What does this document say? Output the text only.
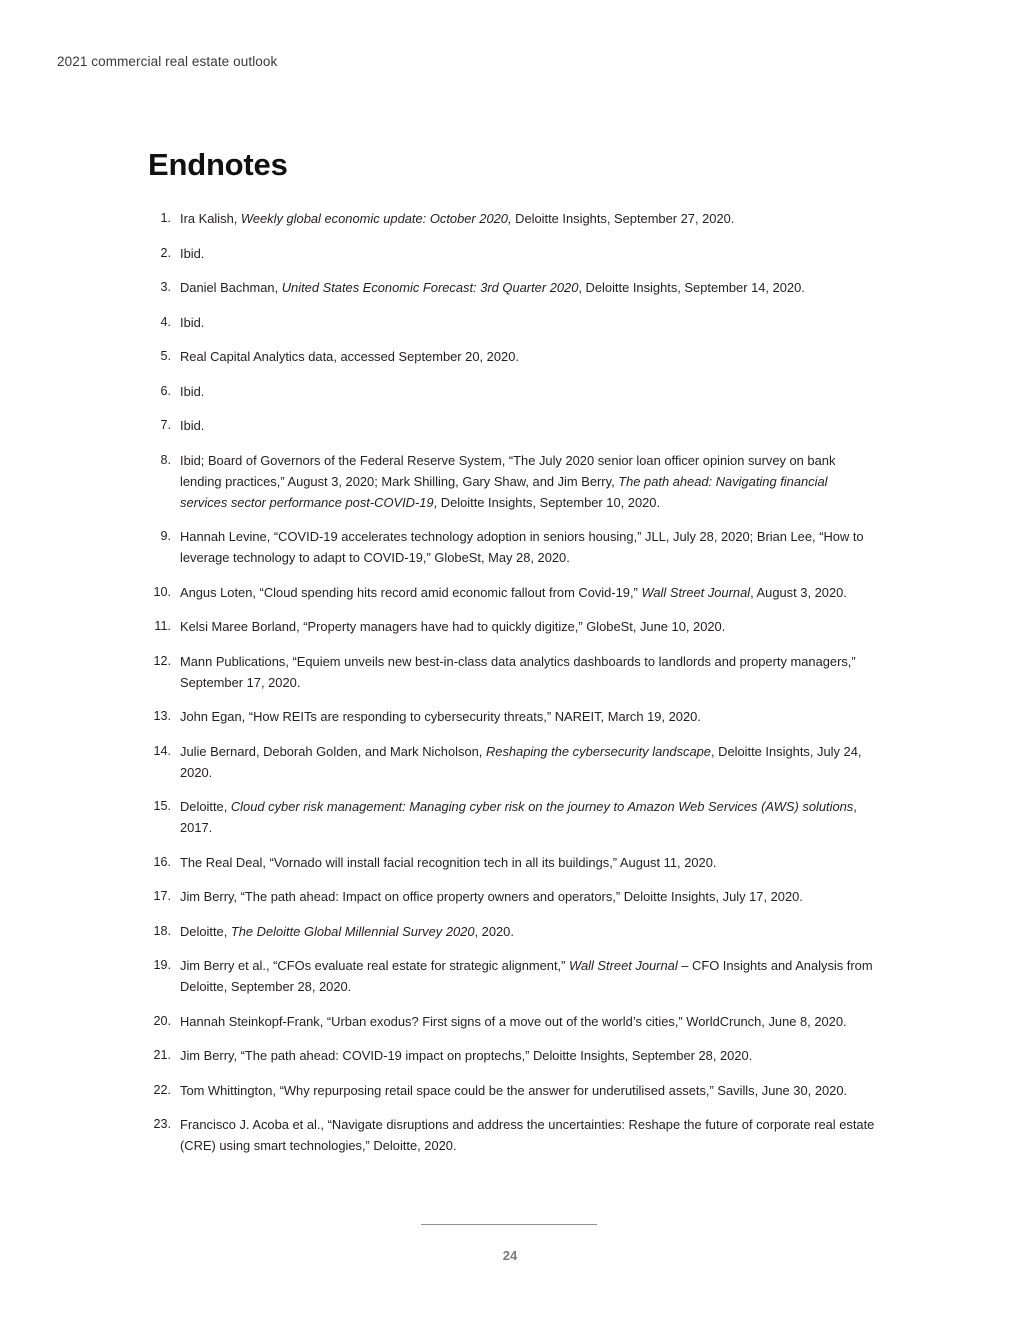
2021 commercial real estate outlook
Endnotes
1. Ira Kalish, Weekly global economic update: October 2020, Deloitte Insights, September 27, 2020.
2. Ibid.
3. Daniel Bachman, United States Economic Forecast: 3rd Quarter 2020, Deloitte Insights, September 14, 2020.
4. Ibid.
5. Real Capital Analytics data, accessed September 20, 2020.
6. Ibid.
7. Ibid.
8. Ibid; Board of Governors of the Federal Reserve System, “The July 2020 senior loan officer opinion survey on bank lending practices,” August 3, 2020; Mark Shilling, Gary Shaw, and Jim Berry, The path ahead: Navigating financial services sector performance post-COVID-19, Deloitte Insights, September 10, 2020.
9. Hannah Levine, “COVID-19 accelerates technology adoption in seniors housing,” JLL, July 28, 2020; Brian Lee, “How to leverage technology to adapt to COVID-19,” GlobeSt, May 28, 2020.
10. Angus Loten, “Cloud spending hits record amid economic fallout from Covid-19,” Wall Street Journal, August 3, 2020.
11. Kelsi Maree Borland, “Property managers have had to quickly digitize,” GlobeSt, June 10, 2020.
12. Mann Publications, “Equiem unveils new best-in-class data analytics dashboards to landlords and property managers,” September 17, 2020.
13. John Egan, “How REITs are responding to cybersecurity threats,” NAREIT, March 19, 2020.
14. Julie Bernard, Deborah Golden, and Mark Nicholson, Reshaping the cybersecurity landscape, Deloitte Insights, July 24, 2020.
15. Deloitte, Cloud cyber risk management: Managing cyber risk on the journey to Amazon Web Services (AWS) solutions, 2017.
16. The Real Deal, “Vornado will install facial recognition tech in all its buildings,” August 11, 2020.
17. Jim Berry, “The path ahead: Impact on office property owners and operators,” Deloitte Insights, July 17, 2020.
18. Deloitte, The Deloitte Global Millennial Survey 2020, 2020.
19. Jim Berry et al., “CFOs evaluate real estate for strategic alignment,” Wall Street Journal – CFO Insights and Analysis from Deloitte, September 28, 2020.
20. Hannah Steinkopf-Frank, “Urban exodus? First signs of a move out of the world’s cities,” WorldCrunch, June 8, 2020.
21. Jim Berry, “The path ahead: COVID-19 impact on proptechs,” Deloitte Insights, September 28, 2020.
22. Tom Whittington, “Why repurposing retail space could be the answer for underutilised assets,” Savills, June 30, 2020.
23. Francisco J. Acoba et al., “Navigate disruptions and address the uncertainties: Reshape the future of corporate real estate (CRE) using smart technologies,” Deloitte, 2020.
24
